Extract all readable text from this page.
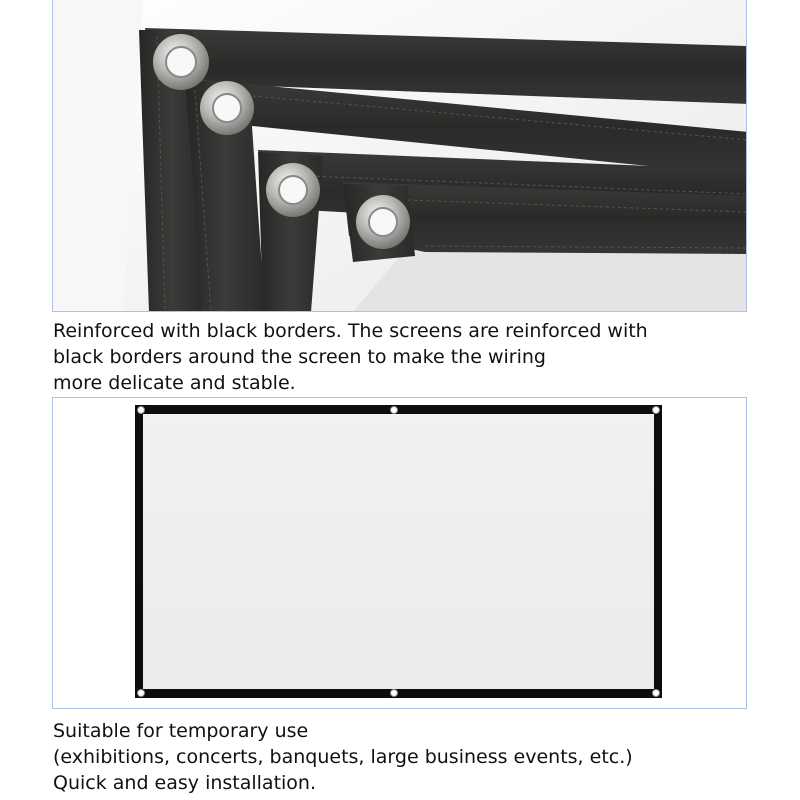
Reinforced with black borders. The screens are reinforced with
black borders around the screen to make the wiring
more delicate and stable.
Suitable for temporary use
(exhibitions, concerts, banquets, large business events, etc.)
Quick and easy installation.
